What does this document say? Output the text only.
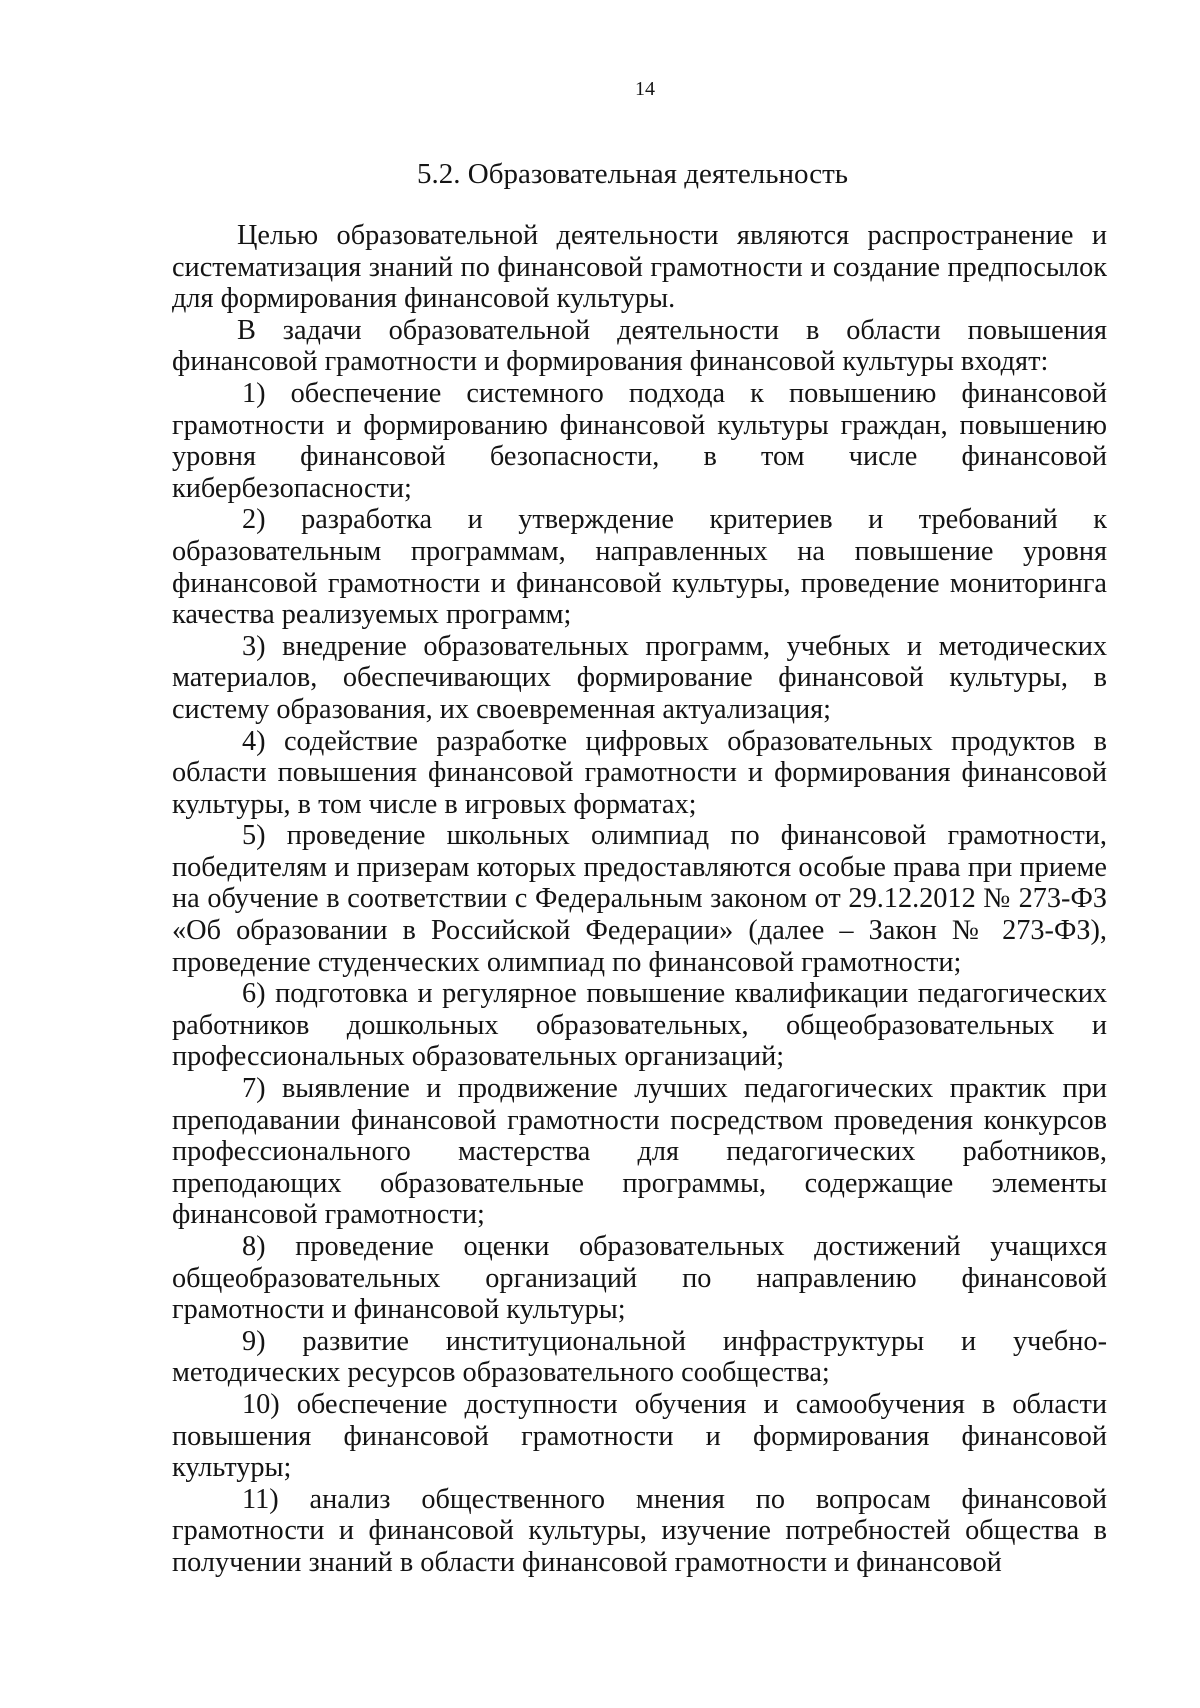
14
5.2. Образовательная деятельность

Целью образовательной деятельности являются распространение и систематизация знаний по финансовой грамотности и создание предпосылок для формирования финансовой культуры.

В задачи образовательной деятельности в области повышения финансовой грамотности и формирования финансовой культуры входят:

1) обеспечение системного подхода к повышению финансовой грамотности и формированию финансовой культуры граждан, повышению уровня финансовой безопасности, в том числе финансовой кибербезопасности;

2) разработка и утверждение критериев и требований к образовательным программам, направленных на повышение уровня финансовой грамотности и финансовой культуры, проведение мониторинга качества реализуемых программ;

3) внедрение образовательных программ, учебных и методических материалов, обеспечивающих формирование финансовой культуры, в систему образования, их своевременная актуализация;

4) содействие разработке цифровых образовательных продуктов в области повышения финансовой грамотности и формирования финансовой культуры, в том числе в игровых форматах;

5) проведение школьных олимпиад по финансовой грамотности, победителям и призерам которых предоставляются особые права при приеме на обучение в соответствии с Федеральным законом от 29.12.2012 № 273-ФЗ «Об образовании в Российской Федерации» (далее – Закон № 273-ФЗ), проведение студенческих олимпиад по финансовой грамотности;

6) подготовка и регулярное повышение квалификации педагогических работников дошкольных образовательных, общеобразовательных и профессиональных образовательных организаций;

7) выявление и продвижение лучших педагогических практик при преподавании финансовой грамотности посредством проведения конкурсов профессионального мастерства для педагогических работников, преподающих образовательные программы, содержащие элементы финансовой грамотности;

8) проведение оценки образовательных достижений учащихся общеобразовательных организаций по направлению финансовой грамотности и финансовой культуры;

9) развитие институциональной инфраструктуры и учебно-методических ресурсов образовательного сообщества;

10) обеспечение доступности обучения и самообучения в области повышения финансовой грамотности и формирования финансовой культуры;

11) анализ общественного мнения по вопросам финансовой грамотности и финансовой культуры, изучение потребностей общества в получении знаний в области финансовой грамотности и финансовой
